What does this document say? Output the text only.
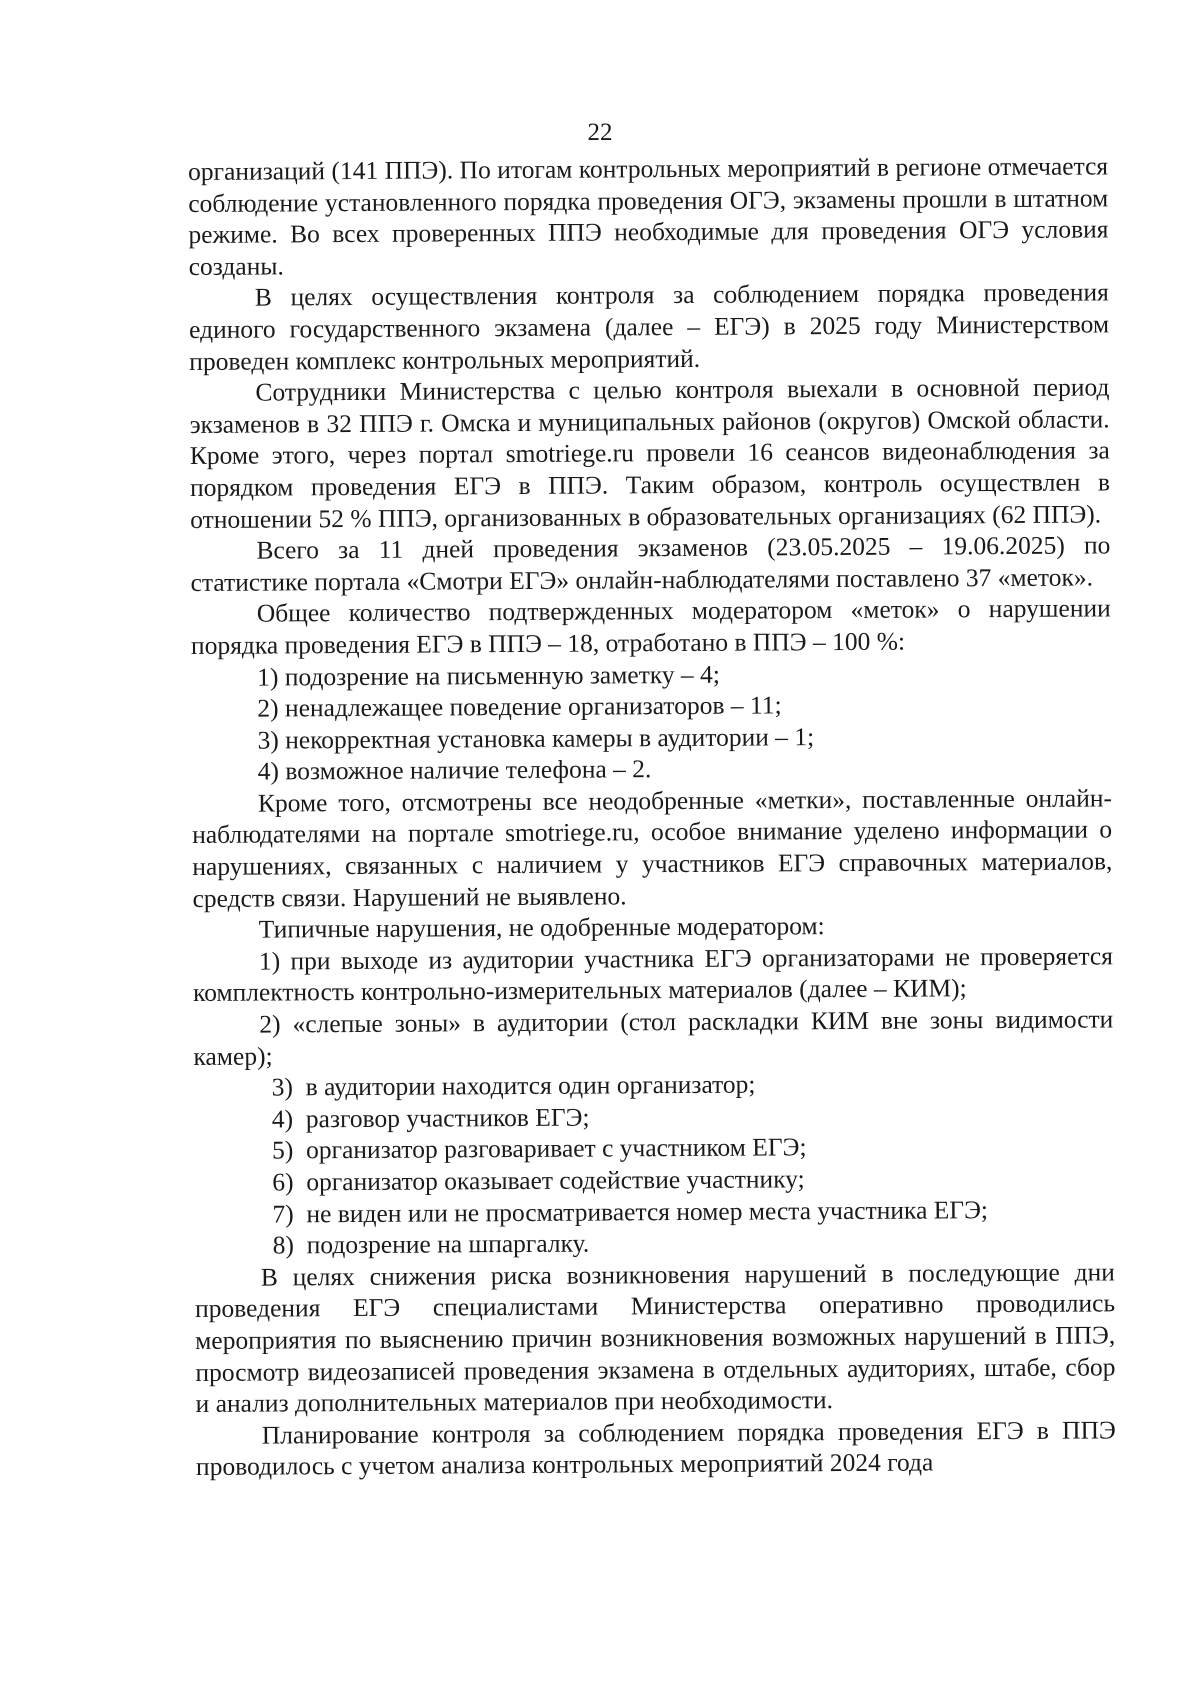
22

организаций (141 ППЭ). По итогам контрольных мероприятий в регионе отмечается соблюдение установленного порядка проведения ОГЭ, экзамены прошли в штатном режиме. Во всех проверенных ППЭ необходимые для проведения ОГЭ условия созданы.

В целях осуществления контроля за соблюдением порядка проведения единого государственного экзамена (далее – ЕГЭ) в 2025 году Министерством проведен комплекс контрольных мероприятий.

Сотрудники Министерства с целью контроля выехали в основной период экзаменов в 32 ППЭ г. Омска и муниципальных районов (округов) Омской области. Кроме этого, через портал smotriege.ru провели 16 сеансов видеонаблюдения за порядком проведения ЕГЭ в ППЭ. Таким образом, контроль осуществлен в отношении 52 % ППЭ, организованных в образовательных организациях (62 ППЭ).

Всего за 11 дней проведения экзаменов (23.05.2025 – 19.06.2025) по статистике портала «Смотри ЕГЭ» онлайн-наблюдателями поставлено 37 «меток».

Общее количество подтвержденных модератором «меток» о нарушении порядка проведения ЕГЭ в ППЭ – 18, отработано в ППЭ – 100 %:

1) подозрение на письменную заметку – 4;

2) ненадлежащее поведение организаторов – 11;

3) некорректная установка камеры в аудитории – 1;

4) возможное наличие телефона – 2.

Кроме того, отсмотрены все неодобренные «метки», поставленные онлайн-наблюдателями на портале smotriege.ru, особое внимание уделено информации о нарушениях, связанных с наличием у участников ЕГЭ справочных материалов, средств связи. Нарушений не выявлено.

Типичные нарушения, не одобренные модератором:

1) при выходе из аудитории участника ЕГЭ организаторами не проверяется комплектность контрольно-измерительных материалов (далее – КИМ);

2) «слепые зоны» в аудитории (стол раскладки КИМ вне зоны видимости камер);

3) в аудитории находится один организатор;

4) разговор участников ЕГЭ;

5) организатор разговаривает с участником ЕГЭ;

6) организатор оказывает содействие участнику;

7) не виден или не просматривается номер места участника ЕГЭ;

8) подозрение на шпаргалку.

В целях снижения риска возникновения нарушений в последующие дни проведения ЕГЭ специалистами Министерства оперативно проводились мероприятия по выяснению причин возникновения возможных нарушений в ППЭ, просмотр видеозаписей проведения экзамена в отдельных аудиториях, штабе, сбор и анализ дополнительных материалов при необходимости.

Планирование контроля за соблюдением порядка проведения ЕГЭ в ППЭ проводилось с учетом анализа контрольных мероприятий 2024 года
